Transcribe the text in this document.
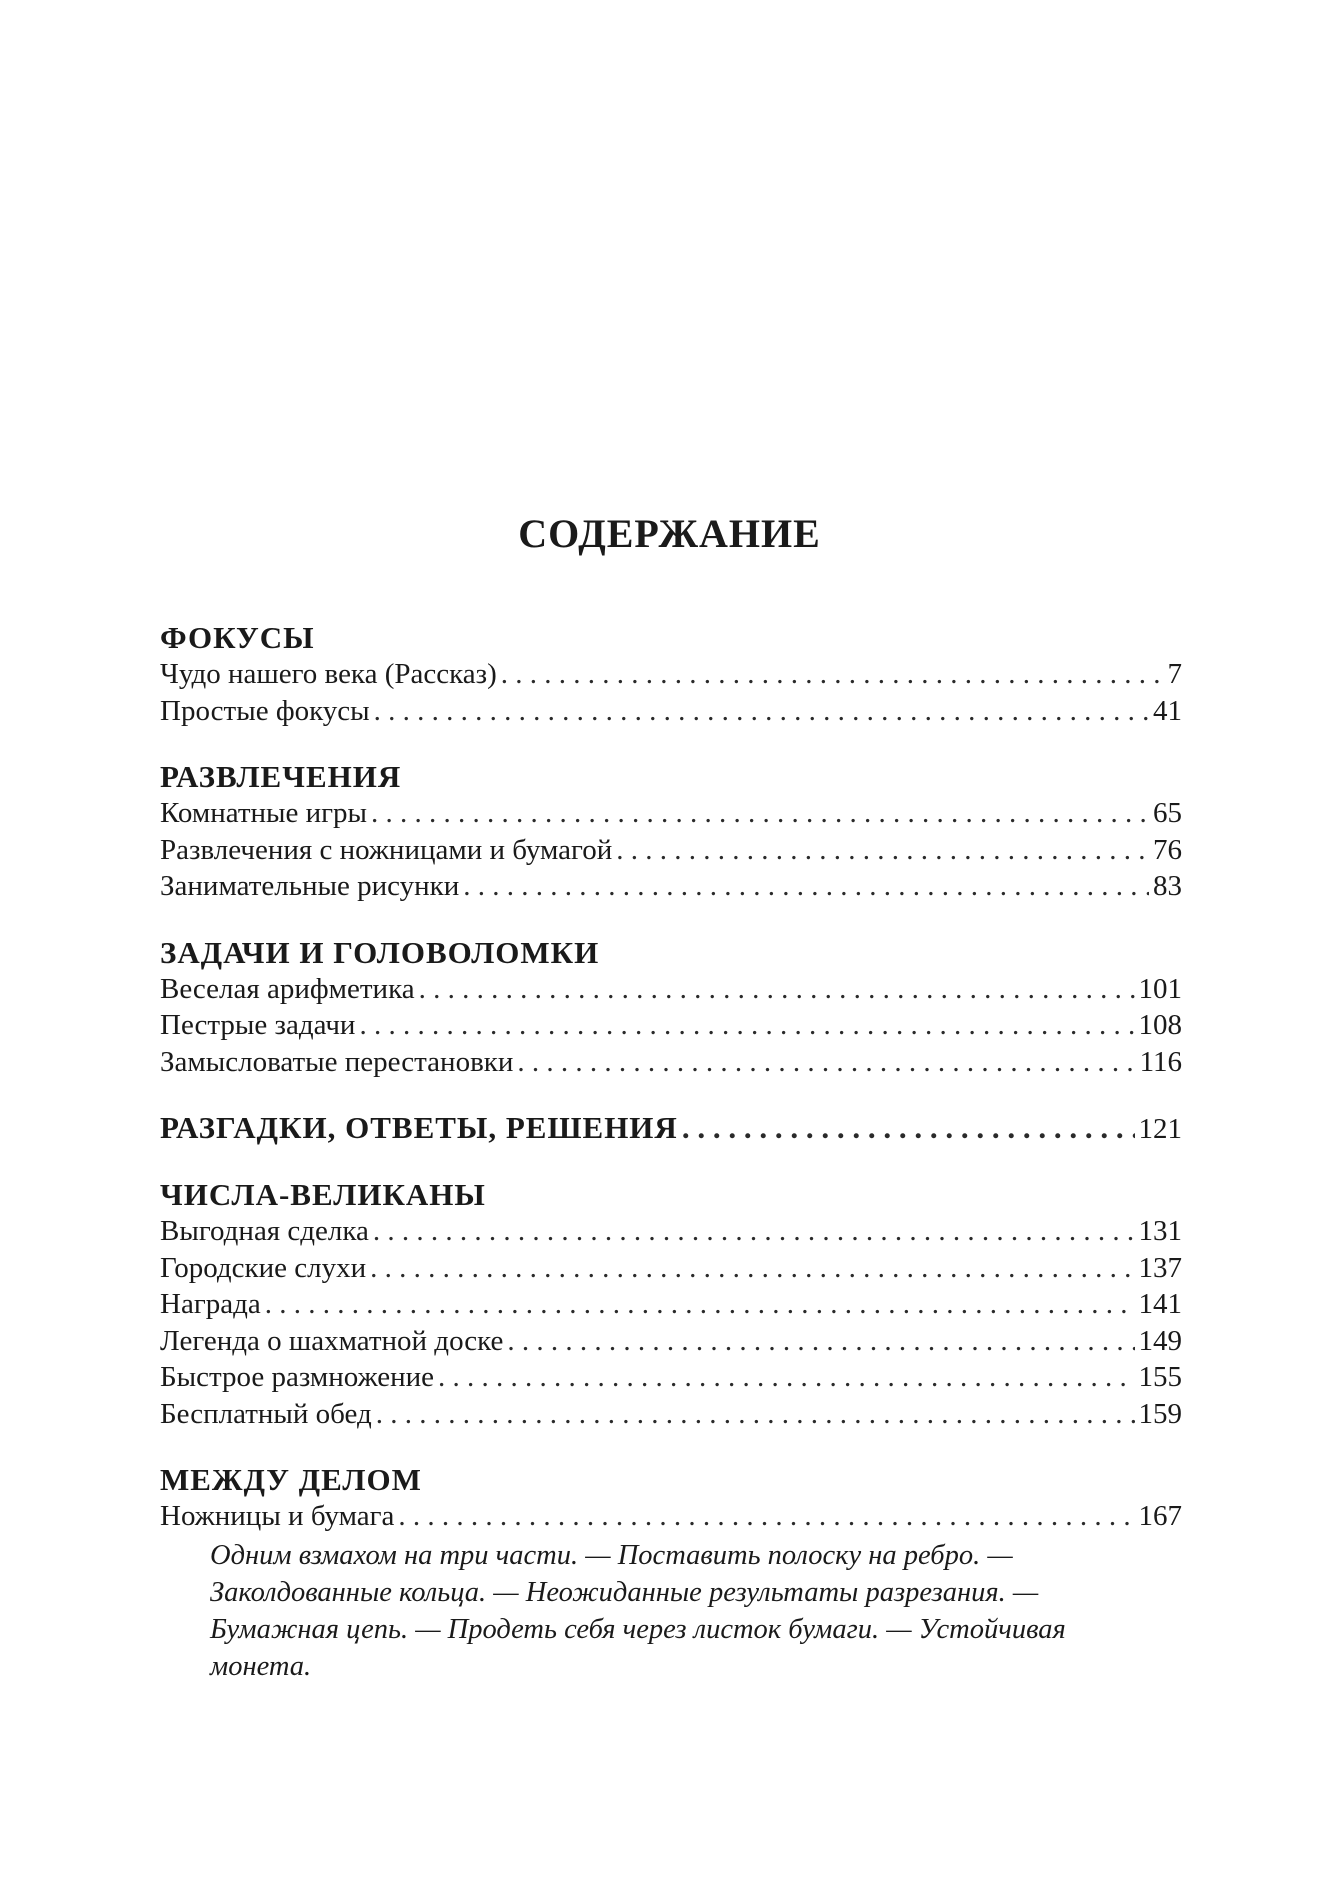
СОДЕРЖАНИЕ
ФОКУСЫ
Чудо нашего века (Рассказ) . . .	7
Простые фокусы . . .	41
РАЗВЛЕЧЕНИЯ
Комнатные игры . . .	65
Развлечения с ножницами и бумагой . . .	76
Занимательные рисунки . . .	83
ЗАДАЧИ И ГОЛОВОЛОМКИ
Веселая арифметика . . .	101
Пестрые задачи . . .	108
Замысловатые перестановки . . .	116
РАЗГАДКИ, ОТВЕТЫ, РЕШЕНИЯ . . .	121
ЧИСЛА-ВЕЛИКАНЫ
Выгодная сделка . . .	131
Городские слухи . . .	137
Награда . . .	141
Легенда о шахматной доске . . .	149
Быстрое размножение . . .	155
Бесплатный обед . . .	159
МЕЖДУ ДЕЛОМ
Ножницы и бумага . . .	167
Одним взмахом на три части. — Поставить полоску на ребро. — Заколдованные кольца. — Неожиданные результаты разрезания. — Бумажная цепь. — Продеть себя через листок бумаги. — Устойчивая монета.
